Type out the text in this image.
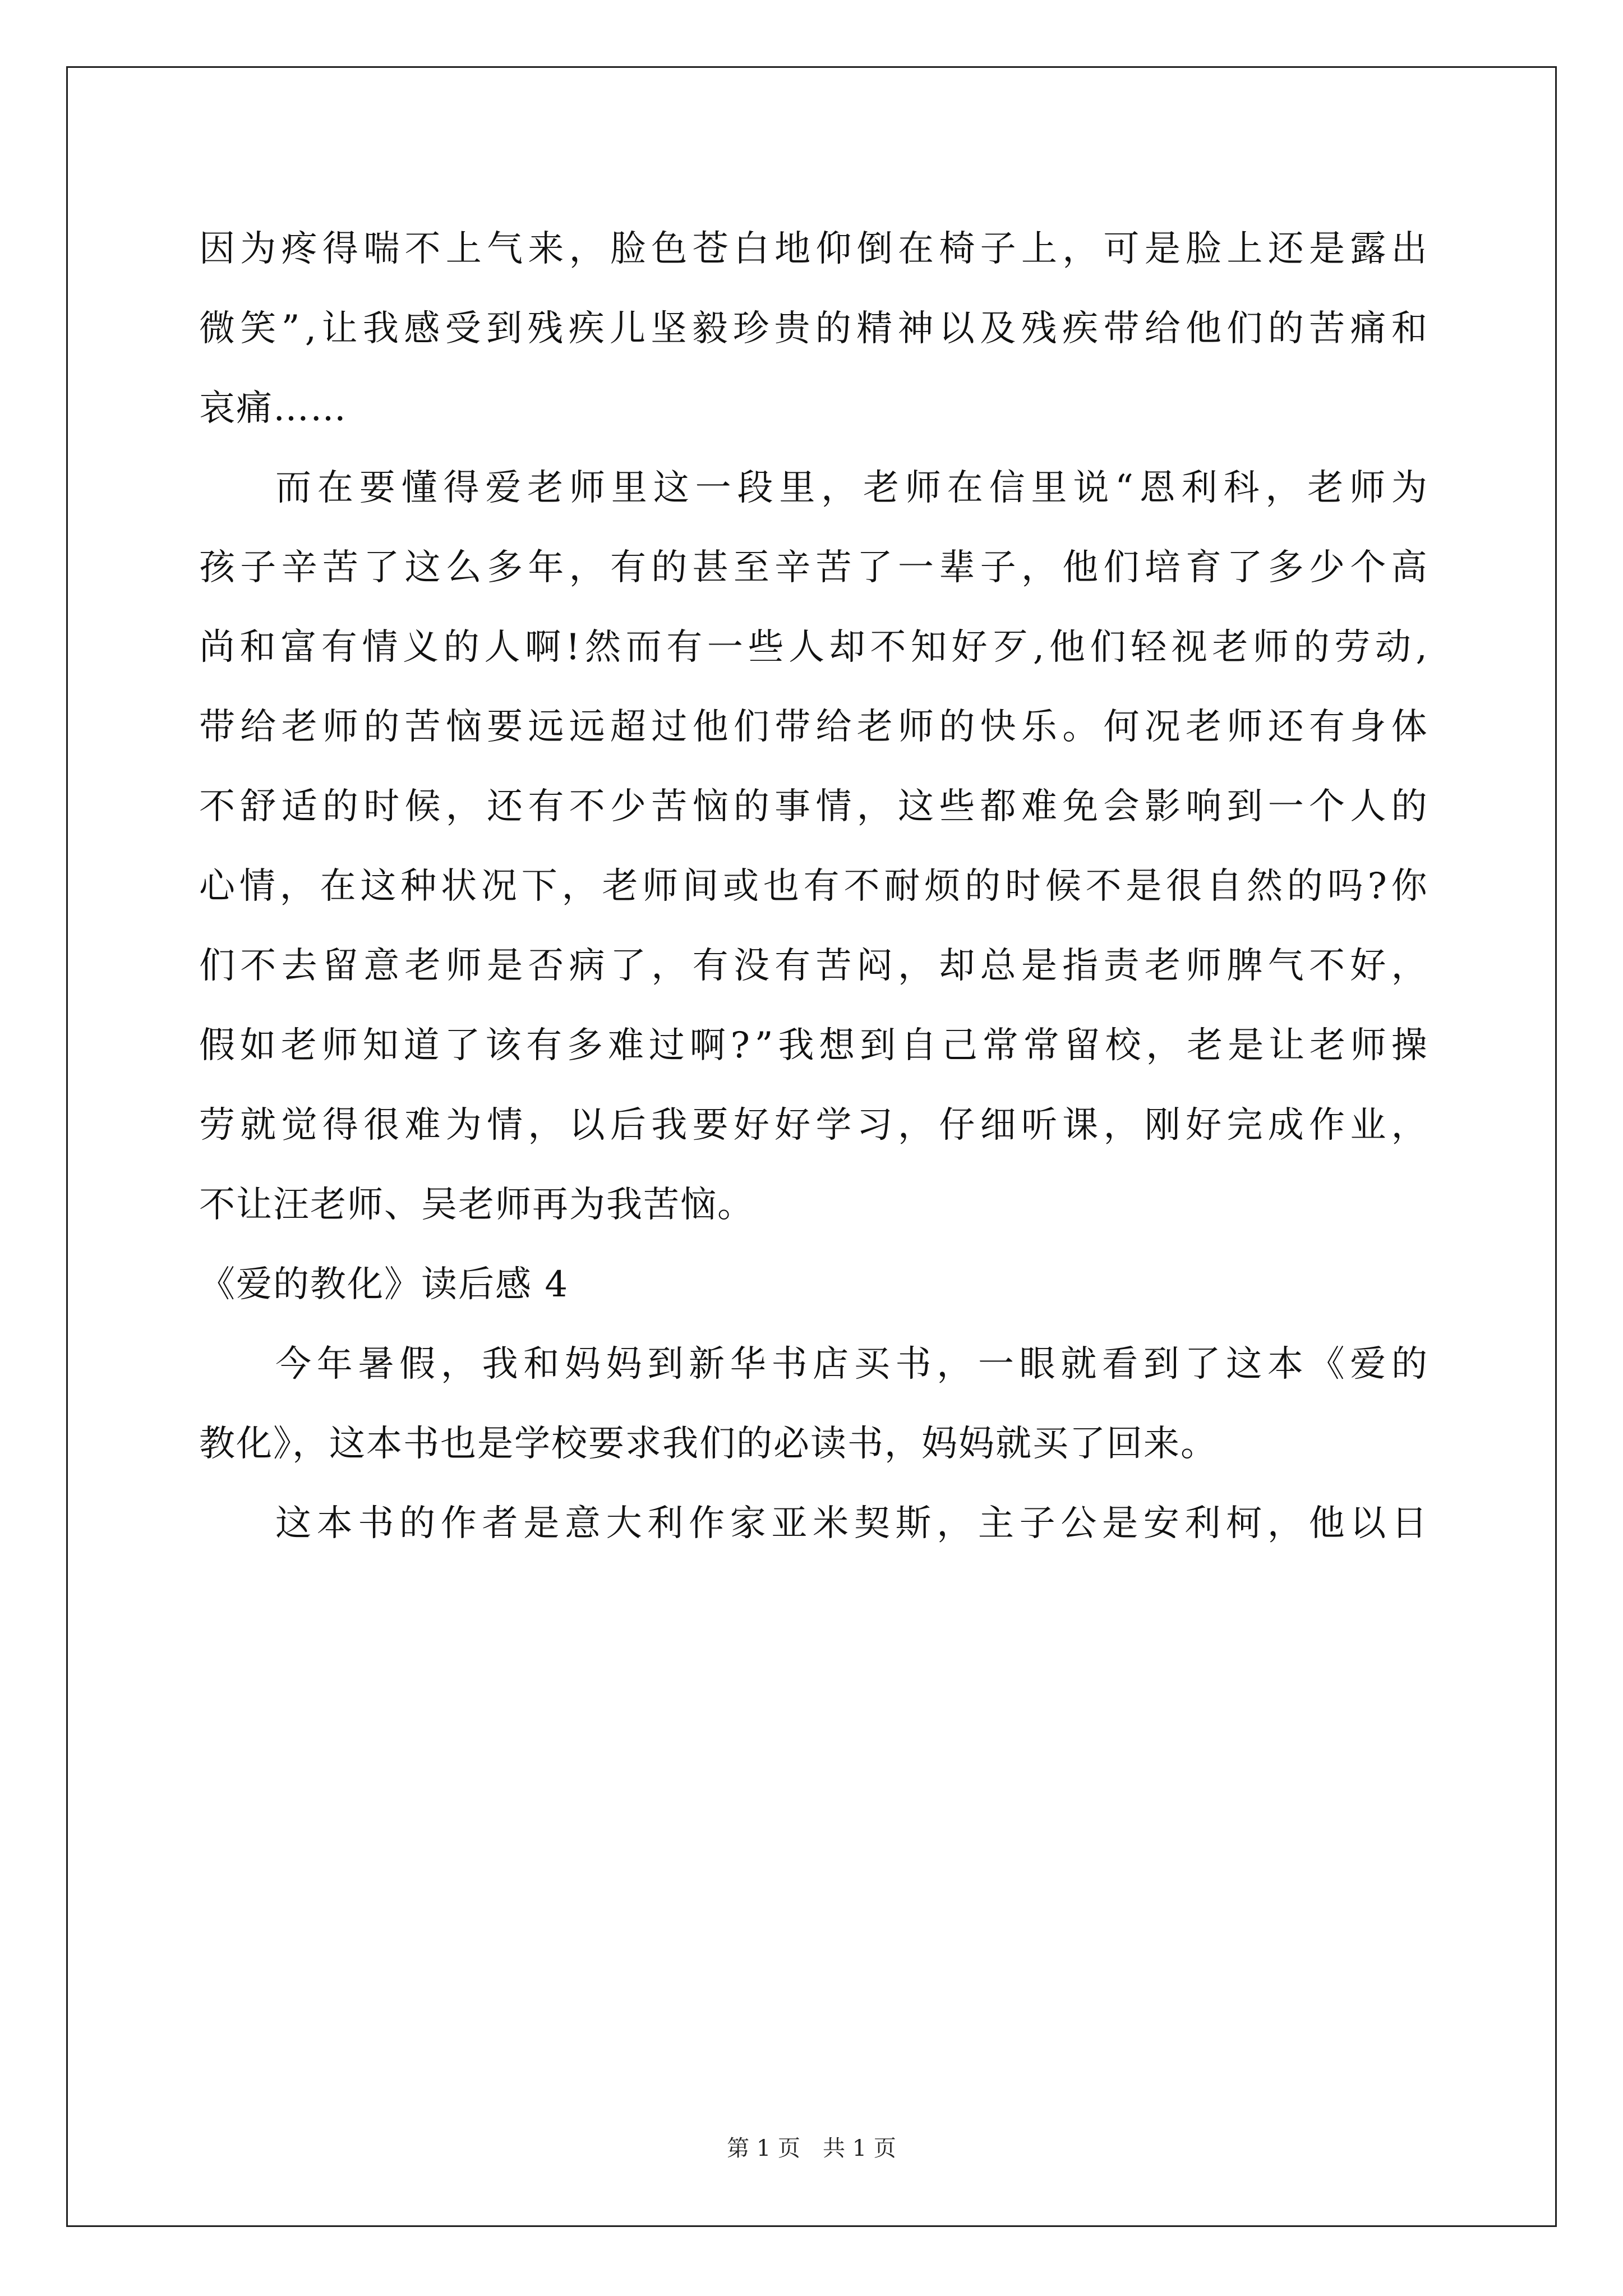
因 为 疼 得 喘 不 上 气 来 ， 脸 色 苍 白 地 仰 倒 在 椅 子 上 ， 可 是 脸 上 还 是 露 出
微 笑 ” , 让 我 感 受 到 残 疾 儿 坚 毅 珍 贵 的 精 神 以 及 残 疾 带 给 他 们 的 苦 痛 和
哀痛……
而 在 要 懂 得 爱 老 师 里 这 一 段 里 ， 老 师 在 信 里 说 “ 恩 利 科 ， 老 师 为
孩 子 辛 苦 了 这 么 多 年 ， 有 的 甚 至 辛 苦 了 一 辈 子 ， 他 们 培 育 了 多 少 个 高
尚 和 富 有 情 义 的 人 啊 ! 然 而 有 一 些 人 却 不 知 好 歹 , 他 们 轻 视 老 师 的 劳 动 ,
带 给 老 师 的 苦 恼 要 远 远 超 过 他 们 带 给 老 师 的 快 乐 。 何 况 老 师 还 有 身 体
不 舒 适 的 时 候 ， 还 有 不 少 苦 恼 的 事 情 ， 这 些 都 难 免 会 影 响 到 一 个 人 的
心 情 ， 在 这 种 状 况 下 ， 老 师 间 或 也 有 不 耐 烦 的 时 候 不 是 很 自 然 的 吗 ? 你
们 不 去 留 意 老 师 是 否 病 了 ， 有 没 有 苦 闷 ， 却 总 是 指 责 老 师 脾 气 不 好 ，
假 如 老 师 知 道 了 该 有 多 难 过 啊 ? ” 我 想 到 自 己 常 常 留 校 ， 老 是 让 老 师 操
劳 就 觉 得 很 难 为 情 ， 以 后 我 要 好 好 学 习 ， 仔 细 听 课 ， 刚 好 完 成 作 业 ，
不让汪老师、吴老师再为我苦恼。
《爱的教化》读后感 4
今 年 暑 假 ， 我 和 妈 妈 到 新 华 书 店 买 书 ， 一 眼 就 看 到 了 这 本 《 爱 的
教化》，这本书也是学校要求我们的必读书，妈妈就买了回来。
这 本 书 的 作 者 是 意 大 利 作 家 亚 米 契 斯 ， 主 子 公 是 安 利 柯 ， 他 以 日
第 1 页　共 1 页
